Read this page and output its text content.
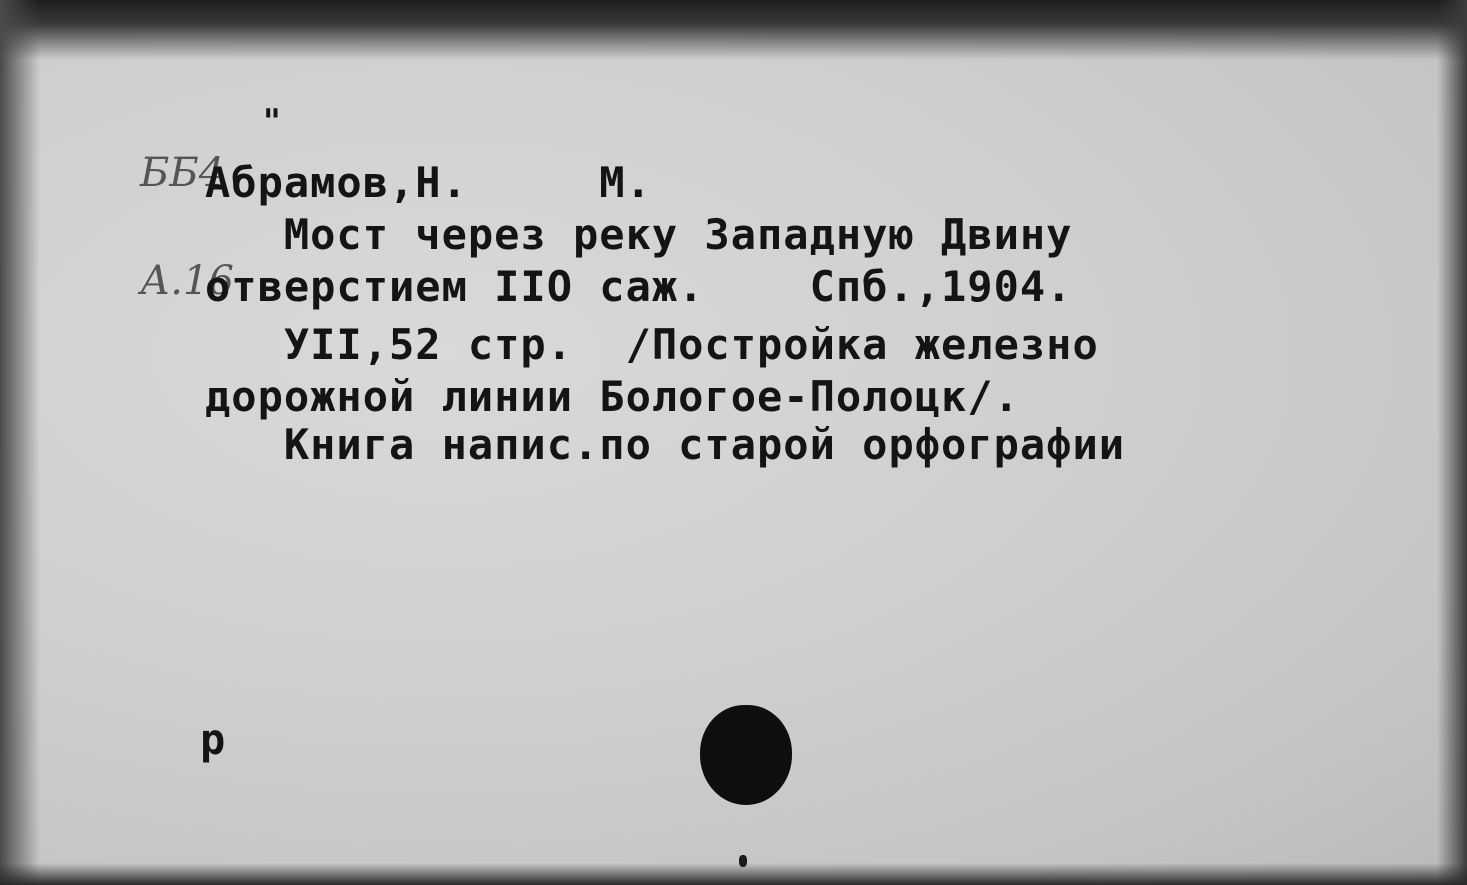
"
ББ4
А.16

Абрамов,Н.     М.

Мост через реку Западную Двину

отверстием IIО саж.    Спб.,1904.

УII,52 стр.  /Постройка железно

дорожной линии Бологое-Полоцк/.

Книга напис.по старой орфографии

р
